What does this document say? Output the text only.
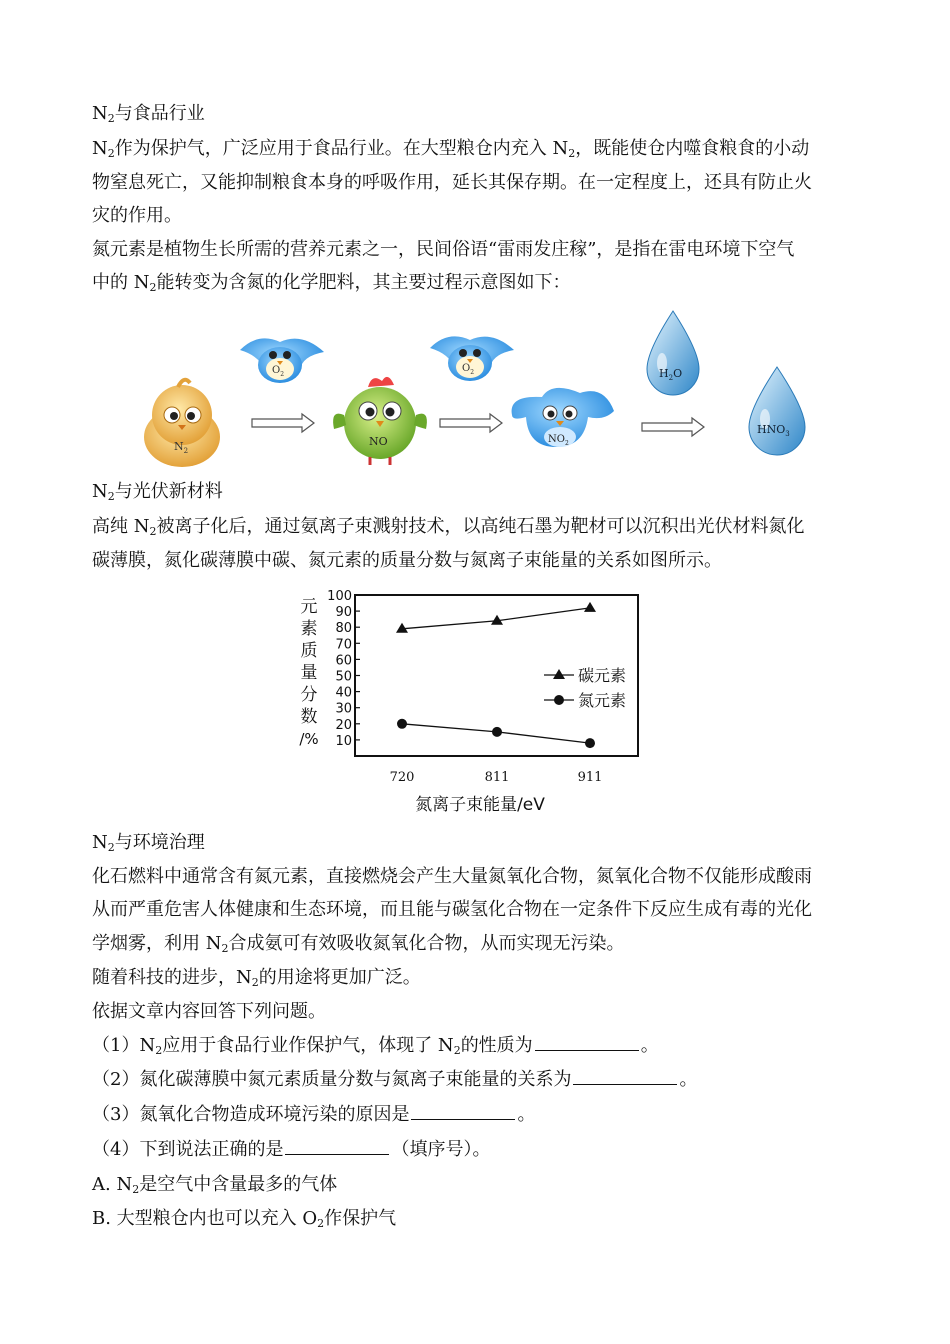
$N_2$与食品行业
$N_2$作为保护气，广泛应用于食品行业。在大型粮仓内充入 $N_2$，既能使仓内噬食粮食的小动
物窒息死亡，又能抑制粮食本身的呼吸作用，延长其保存期。在一定程度上，还具有防止火
灾的作用。
氮元素是植物生长所需的营养元素之一，民间俗语“雷雨发庄稼”，是指在雷电环境下空气
中的 $N_2$能转变为含氮的化学肥料，其主要过程示意图如下：
$N_2$
$O_2$
NO
$O_2$
$NO_2$
$H_2O$
$HNO_3$
$N_2$与光伏新材料
高纯 $N_2$被离子化后，通过氨离子束溅射技术，以高纯石墨为靶材可以沉积出光伏材料氮化
碳薄膜，氮化碳薄膜中碳、氮元素的质量分数与氮离子束能量的关系如图所示。
元
素
质
量
分
数
/% 10
20
30
40
50
60
70
80
90
100
720	811	911
碳元素
氮元素
氮离子束能量/eV
$N_2$与环境治理
化石燃料中通常含有氮元素，直接燃烧会产生大量氮氧化合物，氮氧化合物不仅能形成酸雨
从而严重危害人体健康和生态环境，而且能与碳氢化合物在一定条件下反应生成有毒的光化
学烟雾，利用 $N_2$合成氨可有效吸收氮氧化合物，从而实现无污染。
随着科技的进步，$N_2$的用途将更加广泛。
依据文章内容回答下列问题。
$(1)N_2$应用于食品行业作保护气，体现了 $N_2$的性质为	。
（2）氮化碳薄膜中氮元素质量分数与氮离子束能量的关系为	。
（3）氮氧化合物造成环境污染的原因是	。
（4）下到说法正确的是	（填序号）。
A. $N_2$是空气中含量最多的气体
B. 大型粮仓内也可以充入 $O_2$作保护气
